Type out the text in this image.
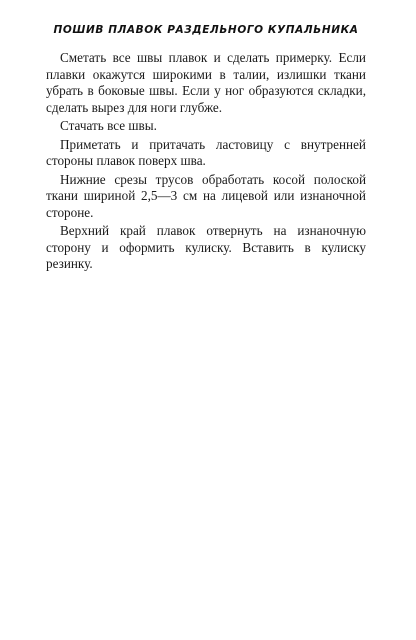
ПОШИВ ПЛАВОК РАЗДЕЛЬНОГО КУПАЛЬНИКА

Сметать все швы плавок и сделать примерку. Если плавки окажутся широкими в талии, излишки ткани убрать в боковые швы. Если у ног образуются складки, сделать вырез для ноги глубже.

Стачать все швы.

Приметать и притачать ластовицу с внутренней стороны плавок поверх шва.

Нижние срезы трусов обработать косой полоской ткани шириной 2,5—3 см на лицевой или изнаночной стороне.

Верхний край плавок отвернуть на изнаночную сторону и оформить кулиску. Вставить в кулиску резинку.
